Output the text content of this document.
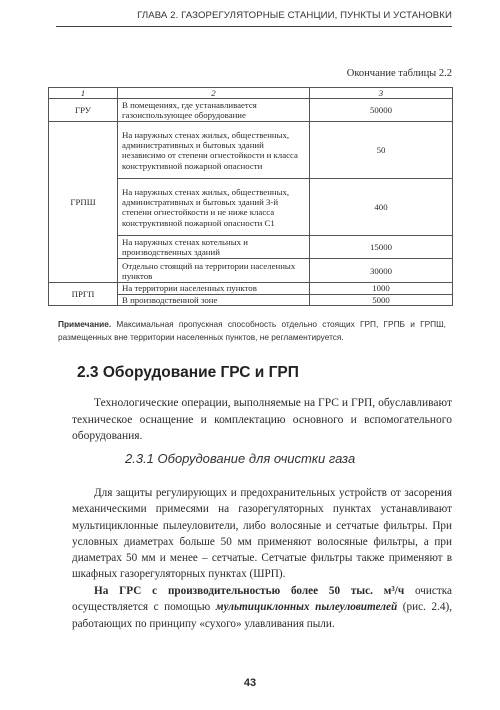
ГЛАВА 2. ГАЗОРЕГУЛЯТОРНЫЕ СТАНЦИИ, ПУНКТЫ И УСТАНОВКИ
Окончание таблицы 2.2
1	2	3
ГРУ	В помещениях, где устанавливается газоиспользующее оборудование	50000
ГРПШ	На наружных стенах жилых, общественных, административных и бытовых зданий независимо от степени огнестойкости и класса конструктивной пожарной опасности	50
	На наружных стенах жилых, общественных, административных и бытовых зданий 3-й степени огнестойкости и не ниже класса конструктивной пожарной опасности С1	400
	На наружных стенах котельных и производственных зданий	15000
	Отдельно стоящий на территории населенных пунктов	30000
ПРГП	На территории населенных пунктов	1000
	В производственной зоне	5000
Примечание. Максимальная пропускная способность отдельно стоящих ГРП, ГРПБ и ГРПШ, размещенных вне территории населенных пунктов, не регламентируется.
2.3 Оборудование ГРС и ГРП
Технологические операции, выполняемые на ГРС и ГРП, обуславливают техническое оснащение и комплектацию основного и вспомогательного оборудования.
2.3.1 Оборудование для очистки газа
Для защиты регулирующих и предохранительных устройств от засорения механическими примесями на газорегуляторных пунктах устанавливают мультициклонные пылеуловители, либо волосяные и сетчатые фильтры. При условных диаметрах больше 50 мм применяют волосяные фильтры, а при диаметрах 50 мм и менее – сетчатые. Сетчатые фильтры также применяют в шкафных газорегуляторных пунктах (ШРП).
На ГРС с производительностью более 50 тыс. м³/ч очистка осуществляется с помощью мультициклонных пылеуловителей (рис. 2.4), работающих по принципу «сухого» улавливания пыли.
43
